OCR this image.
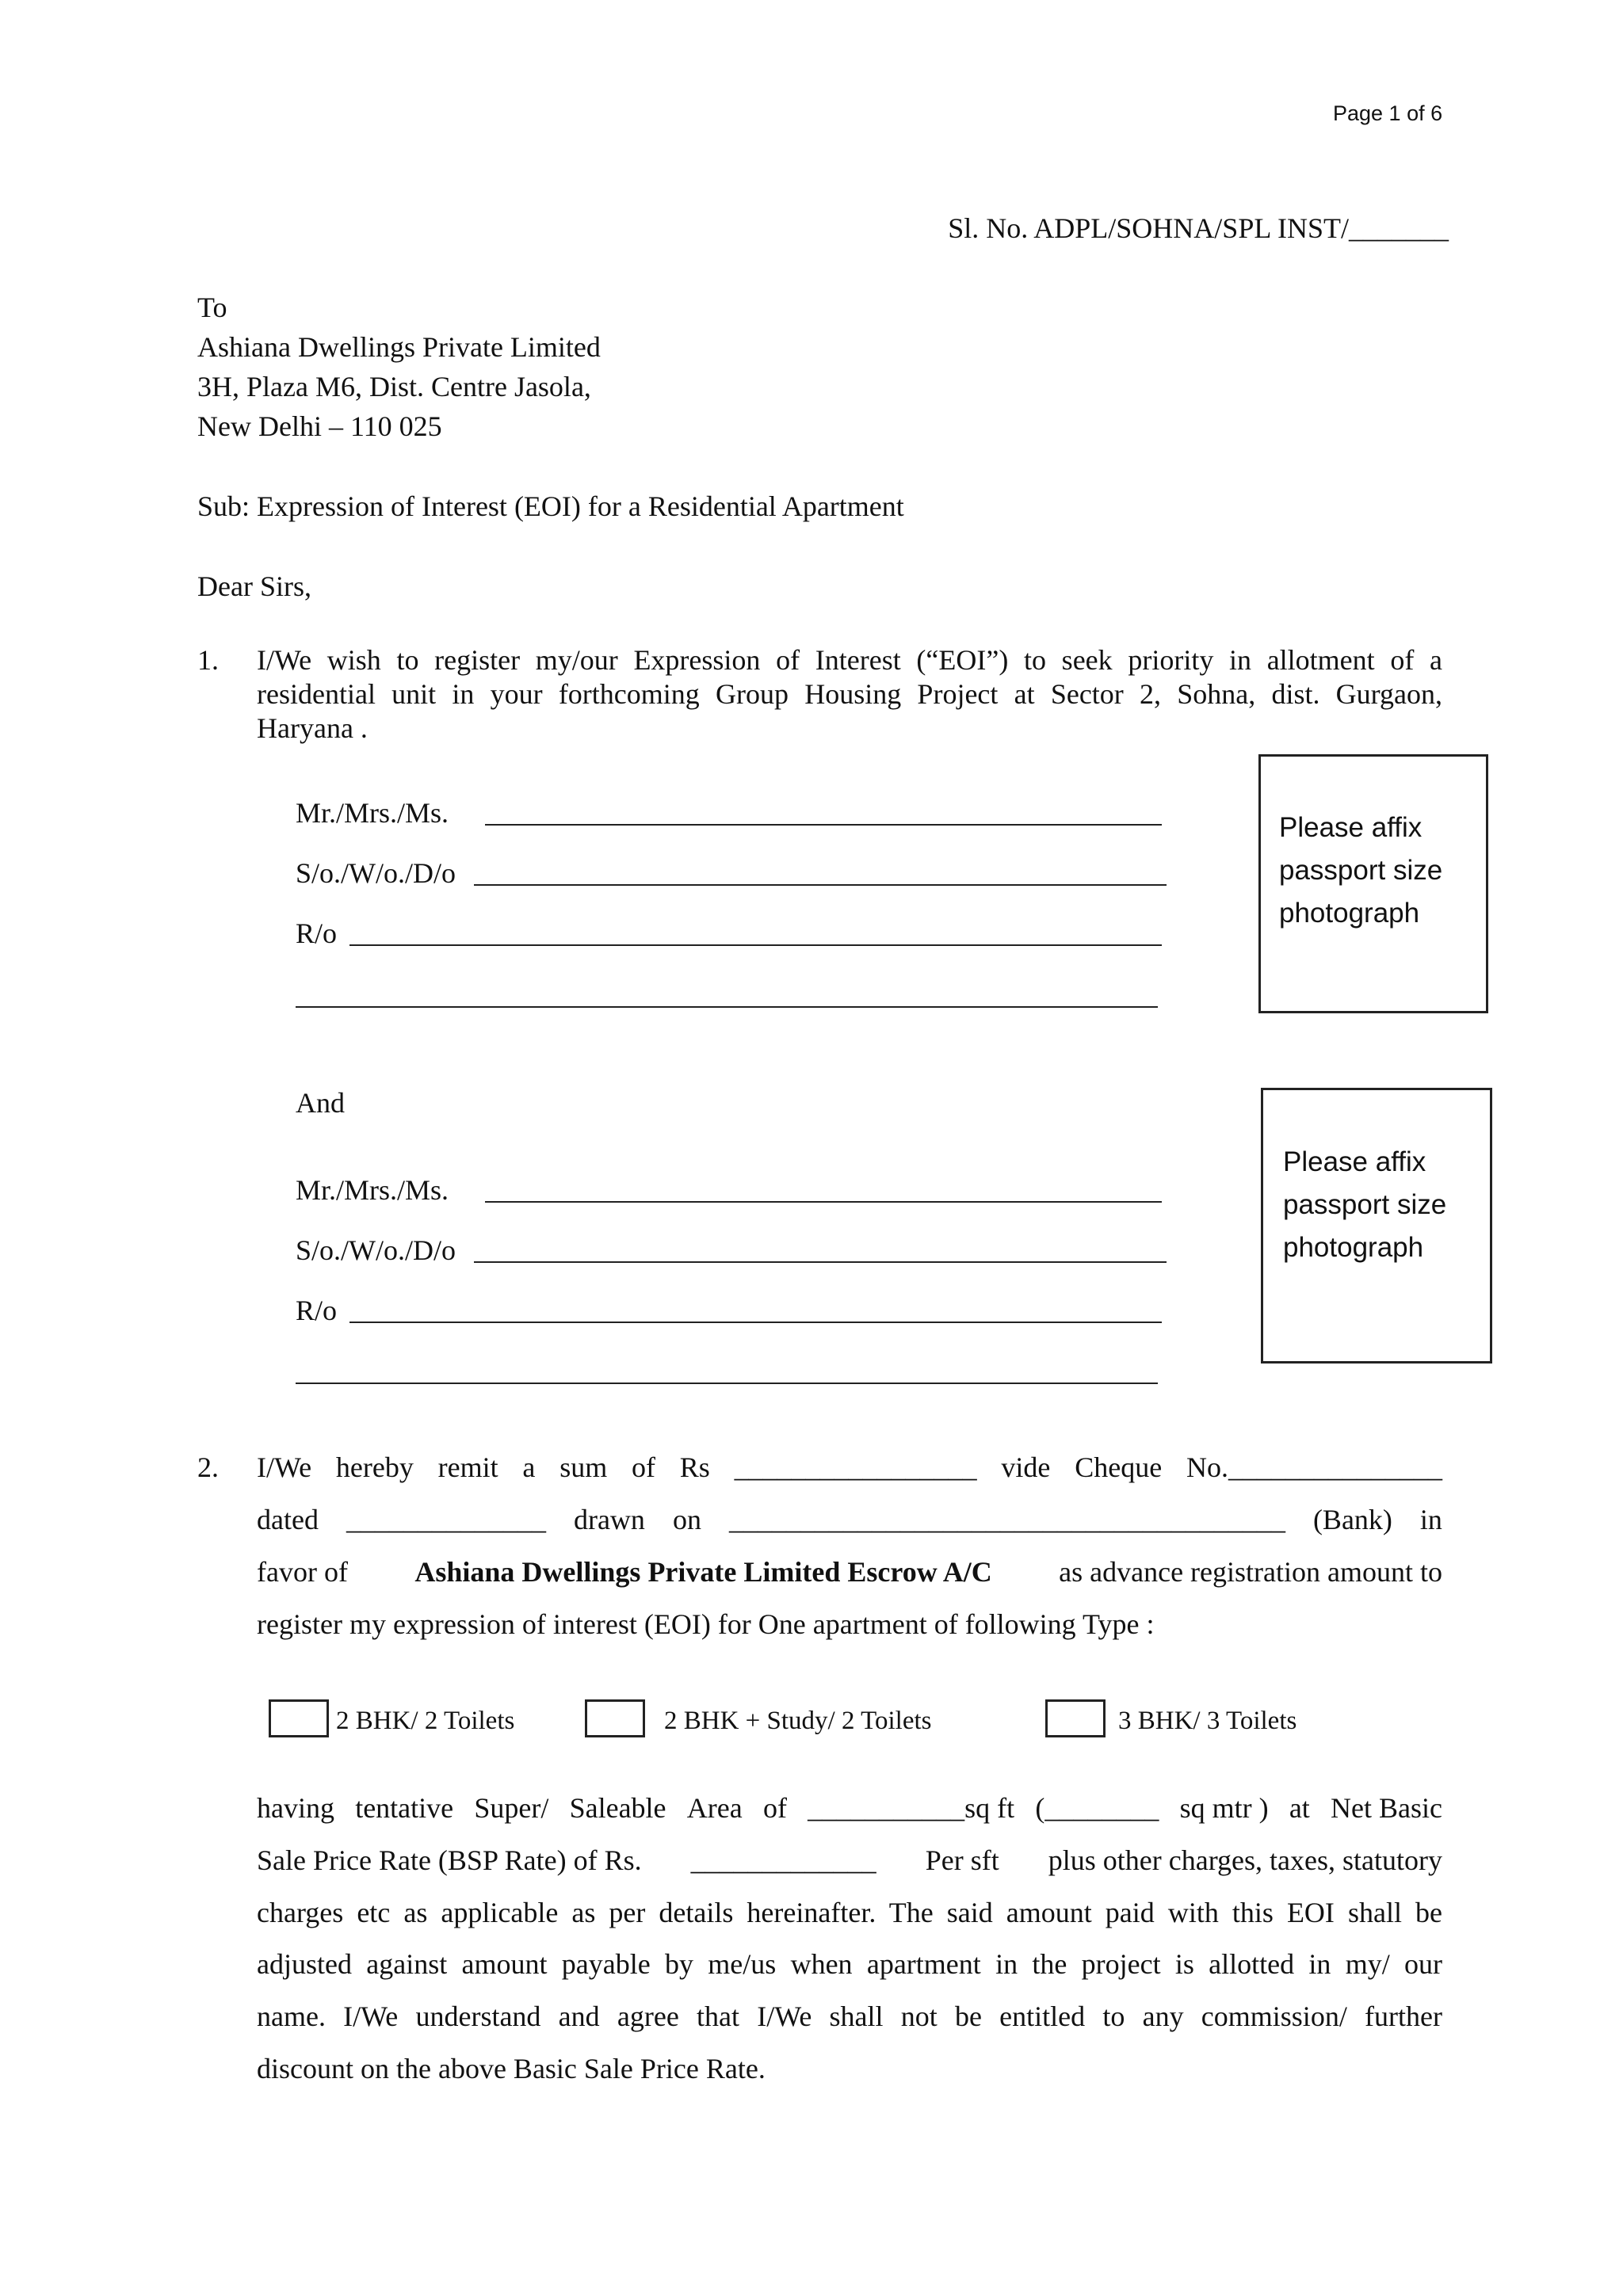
Page 1 of 6
Sl. No. ADPL/SOHNA/SPL INST/_______
To
Ashiana Dwellings Private Limited
3H, Plaza M6, Dist. Centre Jasola,
New Delhi – 110 025
Sub: Expression of Interest (EOI) for a Residential Apartment
Dear Sirs,
1. I/We wish to register my/our Expression of Interest (“EOI”) to seek priority in allotment of a
residential unit in your forthcoming Group Housing Project at Sector 2, Sohna, dist. Gurgaon,
Haryana .
Mr./Mrs./Ms.
S/o./W/o./D/o
R/o
Please affix
passport size
photograph
And
Mr./Mrs./Ms.
S/o./W/o./D/o
R/o
Please affix
passport size
photograph
2. I/We hereby remit a sum of Rs _________________ vide Cheque No._______________
dated ______________ drawn on _______________________________________ (Bank) in
favor of Ashiana Dwellings Private Limited Escrow A/C as advance registration amount to
register my expression of interest (EOI) for One apartment of following Type :
2 BHK/ 2 Toilets	2 BHK + Study/ 2 Toilets	3 BHK/ 3 Toilets
having tentative Super/ Saleable Area of ___________sq ft (________ sq mtr ) at Net Basic
Sale Price Rate (BSP Rate) of Rs. _____________ Per sft plus other charges, taxes, statutory
charges etc as applicable as per details hereinafter. The said amount paid with this EOI shall be
adjusted against amount payable by me/us when apartment in the project is allotted in my/ our
name. I/We understand and agree that I/We shall not be entitled to any commission/ further
discount on the above Basic Sale Price Rate.
